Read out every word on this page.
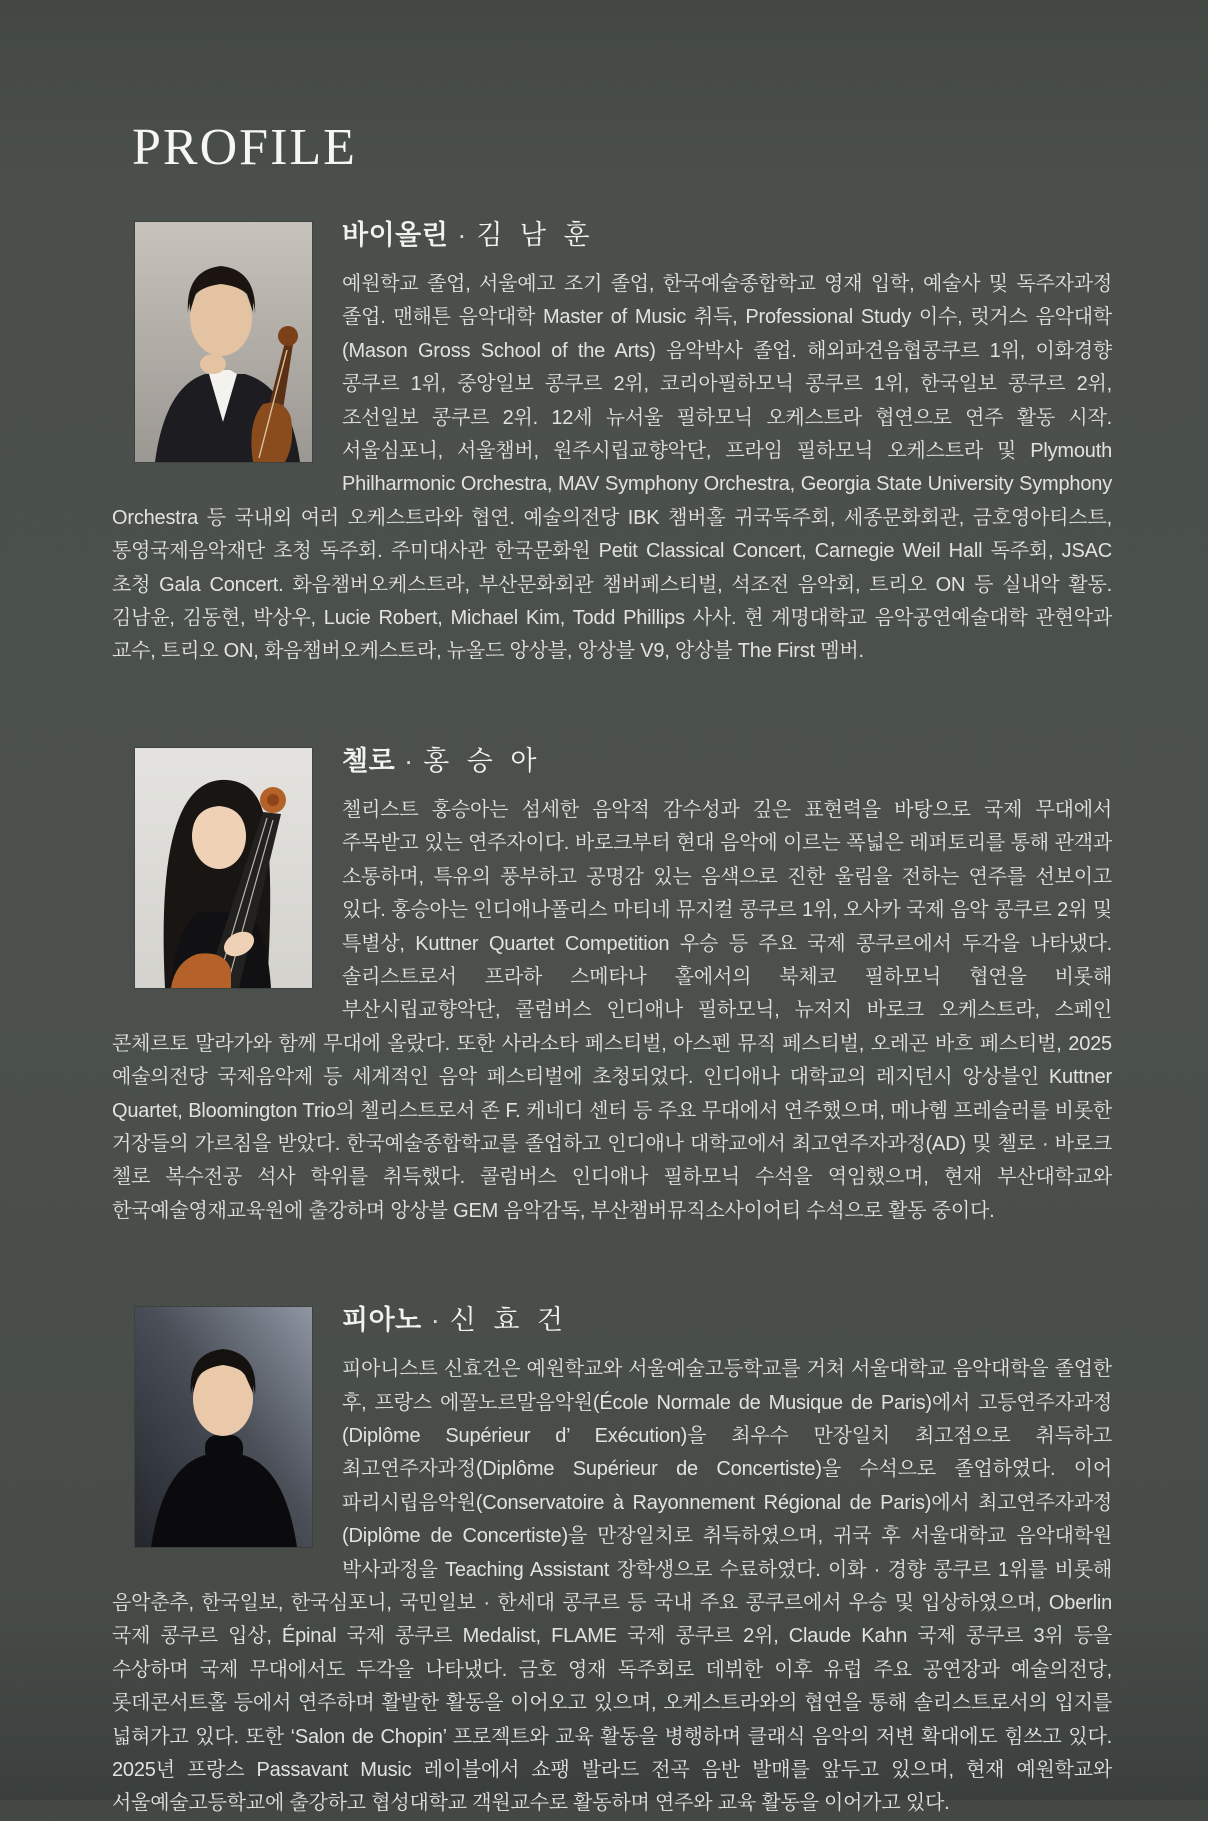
PROFILE
바이올린 · 김 남 훈

예원학교 졸업, 서울예고 조기 졸업, 한국예술종합학교 영재 입학, 예술사 및 독주자과정 졸업. 맨해튼 음악대학 Master of Music 취득, Professional Study 이수, 럿거스 음악대학(Mason Gross School of the Arts) 음악박사 졸업. 해외파견음협콩쿠르 1위, 이화경향 콩쿠르 1위, 중앙일보 콩쿠르 2위, 코리아필하모닉 콩쿠르 1위, 한국일보 콩쿠르 2위, 조선일보 콩쿠르 2위. 12세 뉴서울 필하모닉 오케스트라 협연으로 연주 활동 시작. 서울심포니, 서울챔버, 원주시립교향악단, 프라임 필하모닉 오케스트라 및 Plymouth Philharmonic Orchestra, MAV Symphony Orchestra, Georgia State University Symphony Orchestra 등 국내외 여러 오케스트라와 협연. 예술의전당 IBK 챔버홀 귀국독주회, 세종문화회관, 금호영아티스트, 통영국제음악재단 초청 독주회. 주미대사관 한국문화원 Petit Classical Concert, Carnegie Weil Hall 독주회, JSAC 초청 Gala Concert. 화음챔버오케스트라, 부산문화회관 챔버페스티벌, 석조전 음악회, 트리오 ON 등 실내악 활동. 김남윤, 김동현, 박상우, Lucie Robert, Michael Kim, Todd Phillips 사사. 현 계명대학교 음악공연예술대학 관현악과 교수, 트리오 ON, 화음챔버오케스트라, 뉴올드 앙상블, 앙상블 V9, 앙상블 The First 멤버.

첼로 · 홍 승 아

첼리스트 홍승아는 섬세한 음악적 감수성과 깊은 표현력을 바탕으로 국제 무대에서 주목받고 있는 연주자이다. 바로크부터 현대 음악에 이르는 폭넓은 레퍼토리를 통해 관객과 소통하며, 특유의 풍부하고 공명감 있는 음색으로 진한 울림을 전하는 연주를 선보이고 있다. 홍승아는 인디애나폴리스 마티네 뮤지컬 콩쿠르 1위, 오사카 국제 음악 콩쿠르 2위 및 특별상, Kuttner Quartet Competition 우승 등 주요 국제 콩쿠르에서 두각을 나타냈다. 솔리스트로서 프라하 스메타나 홀에서의 북체코 필하모닉 협연을 비롯해 부산시립교향악단, 콜럼버스 인디애나 필하모닉, 뉴저지 바로크 오케스트라, 스페인 콘체르토 말라가와 함께 무대에 올랐다. 또한 사라소타 페스티벌, 아스펜 뮤직 페스티벌, 오레곤 바흐 페스티벌, 2025 예술의전당 국제음악제 등 세계적인 음악 페스티벌에 초청되었다. 인디애나 대학교의 레지던시 앙상블인 Kuttner Quartet, Bloomington Trio의 첼리스트로서 존 F. 케네디 센터 등 주요 무대에서 연주했으며, 메나헴 프레슬러를 비롯한 거장들의 가르침을 받았다. 한국예술종합학교를 졸업하고 인디애나 대학교에서 최고연주자과정(AD) 및 첼로 · 바로크 첼로 복수전공 석사 학위를 취득했다. 콜럼버스 인디애나 필하모닉 수석을 역임했으며, 현재 부산대학교와 한국예술영재교육원에 출강하며 앙상블 GEM 음악감독, 부산챔버뮤직소사이어티 수석으로 활동 중이다.

피아노 · 신 효 건

피아니스트 신효건은 예원학교와 서울예술고등학교를 거쳐 서울대학교 음악대학을 졸업한 후, 프랑스 에꼴노르말음악원(École Normale de Musique de Paris)에서 고등연주자과정(Diplôme Supérieur d’ Exécution)을 최우수 만장일치 최고점으로 취득하고 최고연주자과정(Diplôme Supérieur de Concertiste)을 수석으로 졸업하였다. 이어 파리시립음악원(Conservatoire à Rayonnement Régional de Paris)에서 최고연주자과정(Diplôme de Concertiste)을 만장일치로 취득하였으며, 귀국 후 서울대학교 음악대학원 박사과정을 Teaching Assistant 장학생으로 수료하였다. 이화 · 경향 콩쿠르 1위를 비롯해 음악춘추, 한국일보, 한국심포니, 국민일보 · 한세대 콩쿠르 등 국내 주요 콩쿠르에서 우승 및 입상하였으며, Oberlin 국제 콩쿠르 입상, Épinal 국제 콩쿠르 Medalist, FLAME 국제 콩쿠르 2위, Claude Kahn 국제 콩쿠르 3위 등을 수상하며 국제 무대에서도 두각을 나타냈다. 금호 영재 독주회로 데뷔한 이후 유럽 주요 공연장과 예술의전당, 롯데콘서트홀 등에서 연주하며 활발한 활동을 이어오고 있으며, 오케스트라와의 협연을 통해 솔리스트로서의 입지를 넓혀가고 있다. 또한 ‘Salon de Chopin’ 프로젝트와 교육 활동을 병행하며 클래식 음악의 저변 확대에도 힘쓰고 있다. 2025년 프랑스 Passavant Music 레이블에서 쇼팽 발라드 전곡 음반 발매를 앞두고 있으며, 현재 예원학교와 서울예술고등학교에 출강하고 협성대학교 객원교수로 활동하며 연주와 교육 활동을 이어가고 있다.
